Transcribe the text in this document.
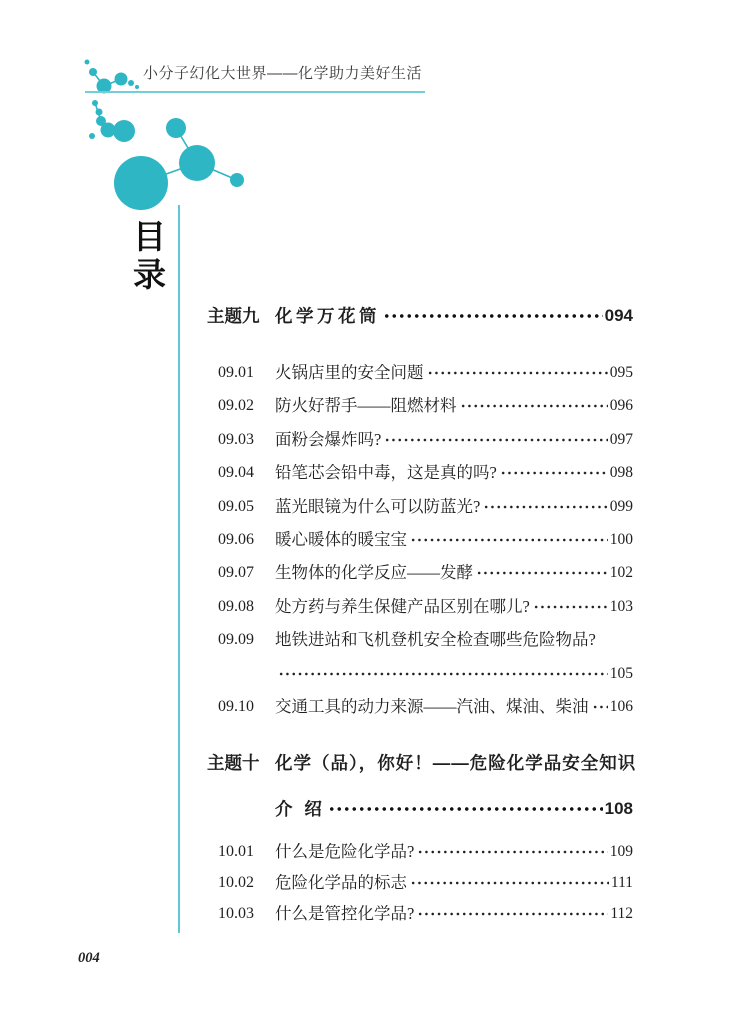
小分子幻化大世界——化学助力美好生活
目录
主题九 化学万花筒	094
09.01	火锅店里的安全问题	095
09.02	防火好帮手——阻燃材料	096
09.03	面粉会爆炸吗?	097
09.04	铅笔芯会铅中毒，这是真的吗?	098
09.05	蓝光眼镜为什么可以防蓝光?	099
09.06	暖心暖体的暖宝宝	100
09.07	生物体的化学反应——发酵	102
09.08	处方药与养生保健产品区别在哪儿?	103
09.09	地铁进站和飞机登机安全检查哪些危险物品?
105
09.10	交通工具的动力来源——汽油、煤油、柴油 106
主题十 化学（品），你好！——危险化学品安全知识
介 绍	108
10.01	什么是危险化学品?	109
10.02	危险化学品的标志	111
10.03	什么是管控化学品?	112
004
